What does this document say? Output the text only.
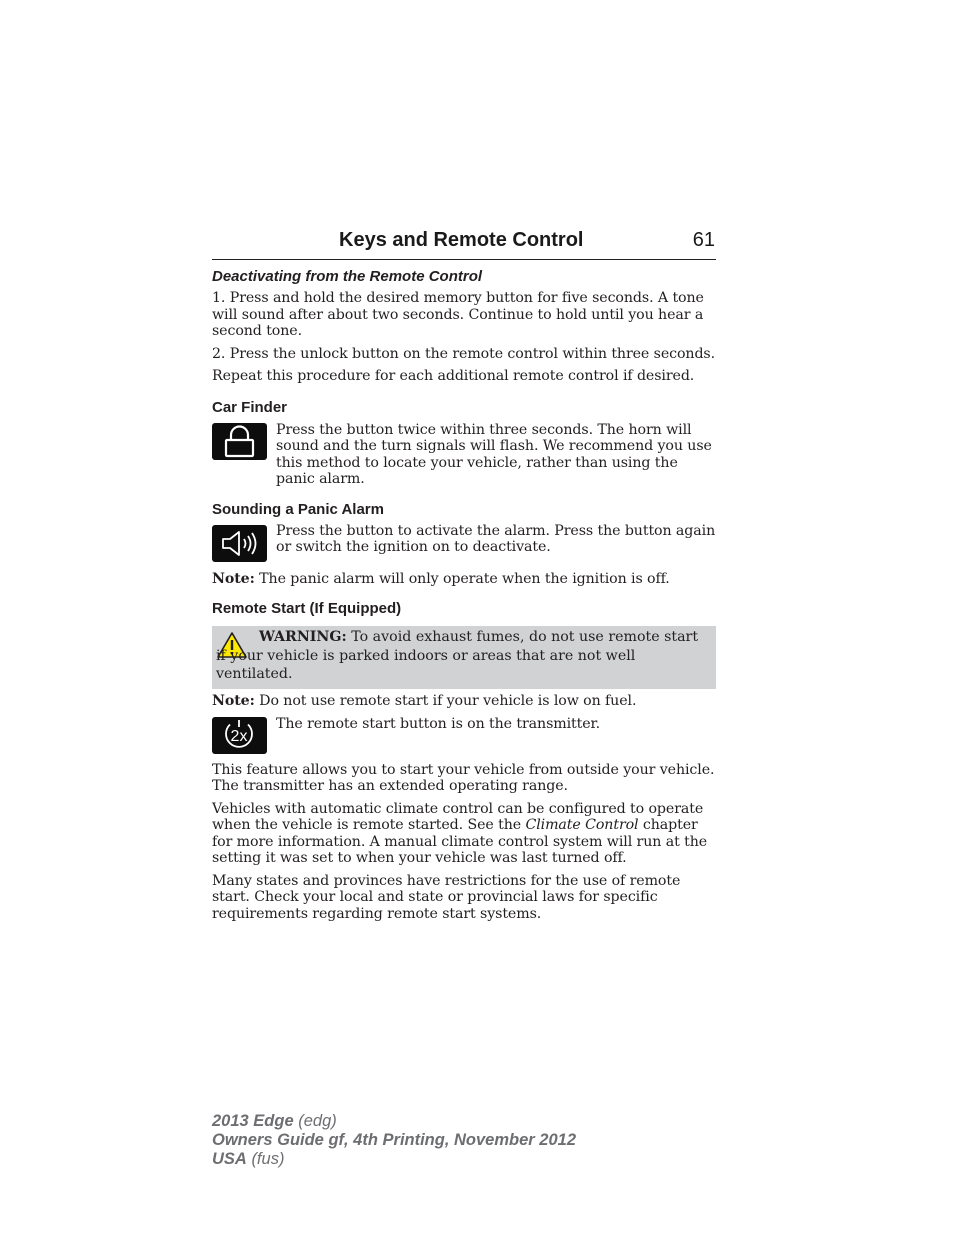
Keys and Remote Control	61

Deactivating from the Remote Control

1. Press and hold the desired memory button for five seconds. A tone will sound after about two seconds. Continue to hold until you hear a second tone.

2. Press the unlock button on the remote control within three seconds.

Repeat this procedure for each additional remote control if desired.

Car Finder

Press the button twice within three seconds. The horn will sound and the turn signals will flash. We recommend you use this method to locate your vehicle, rather than using the panic alarm.

Sounding a Panic Alarm

Press the button to activate the alarm. Press the button again or switch the ignition on to deactivate.

Note: The panic alarm will only operate when the ignition is off.

Remote Start (If Equipped)

WARNING: To avoid exhaust fumes, do not use remote start if your vehicle is parked indoors or areas that are not well ventilated.

Note: Do not use remote start if your vehicle is low on fuel.

2x

The remote start button is on the transmitter.

This feature allows you to start your vehicle from outside your vehicle. The transmitter has an extended operating range.

Vehicles with automatic climate control can be configured to operate when the vehicle is remote started. See the Climate Control chapter for more information. A manual climate control system will run at the setting it was set to when your vehicle was last turned off.

Many states and provinces have restrictions for the use of remote start. Check your local and state or provincial laws for specific requirements regarding remote start systems.

2013 Edge (edg)
Owners Guide gf, 4th Printing, November 2012
USA (fus)
